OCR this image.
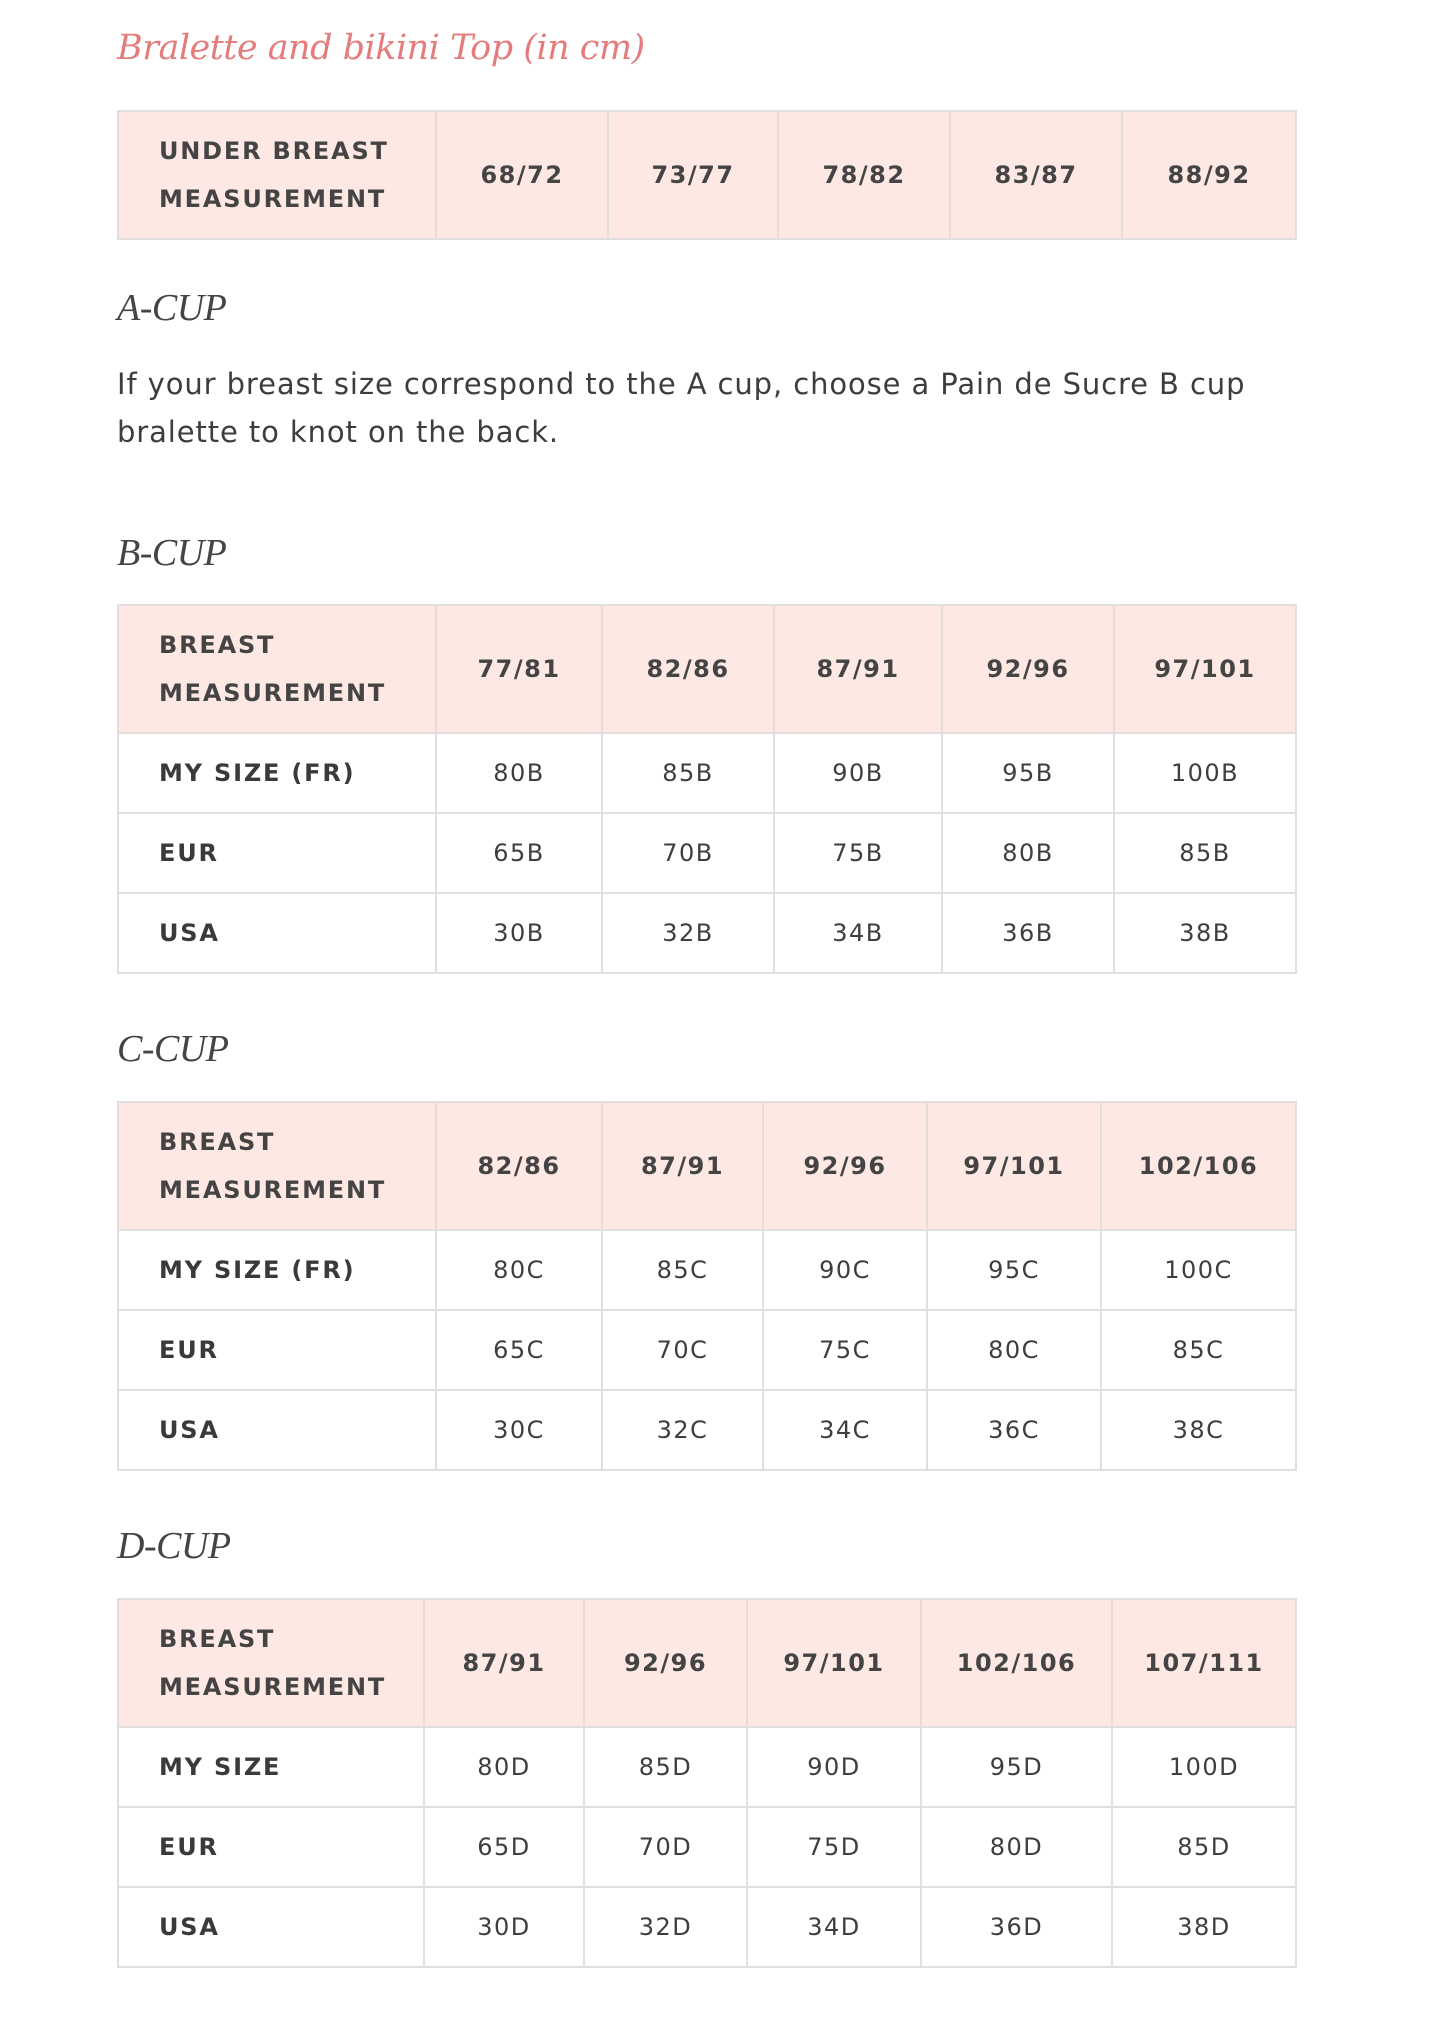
Bralette and bikini Top (in cm)
UNDER BREAST
MEASUREMENT
	68/72	73/77	78/82	83/87	88/92
A-CUP

If your breast size correspond to the A cup, choose a Pain de Sucre B cup bralette to knot on the back.

B-CUP
BREAST
MEASUREMENT	77/81	82/86	87/91	92/96	97/101
MY SIZE (FR)	80B	85B	90B	95B	100B
EUR	65B	70B	75B	80B	85B
USA	30B	32B	34B	36B	38B
C-CUP
BREAST
MEASUREMENT	82/86	87/91	92/96	97/101	102/106
MY SIZE (FR)	80C	85C	90C	95C	100C
EUR	65C	70C	75C	80C	85C
USA	30C	32C	34C	36C	38C
D-CUP
BREAST
MEASUREMENT	87/91	92/96	97/101	102/106	107/111
MY SIZE	80D	85D	90D	95D	100D
EUR	65D	70D	75D	80D	85D
USA	30D	32D	34D	36D	38D
